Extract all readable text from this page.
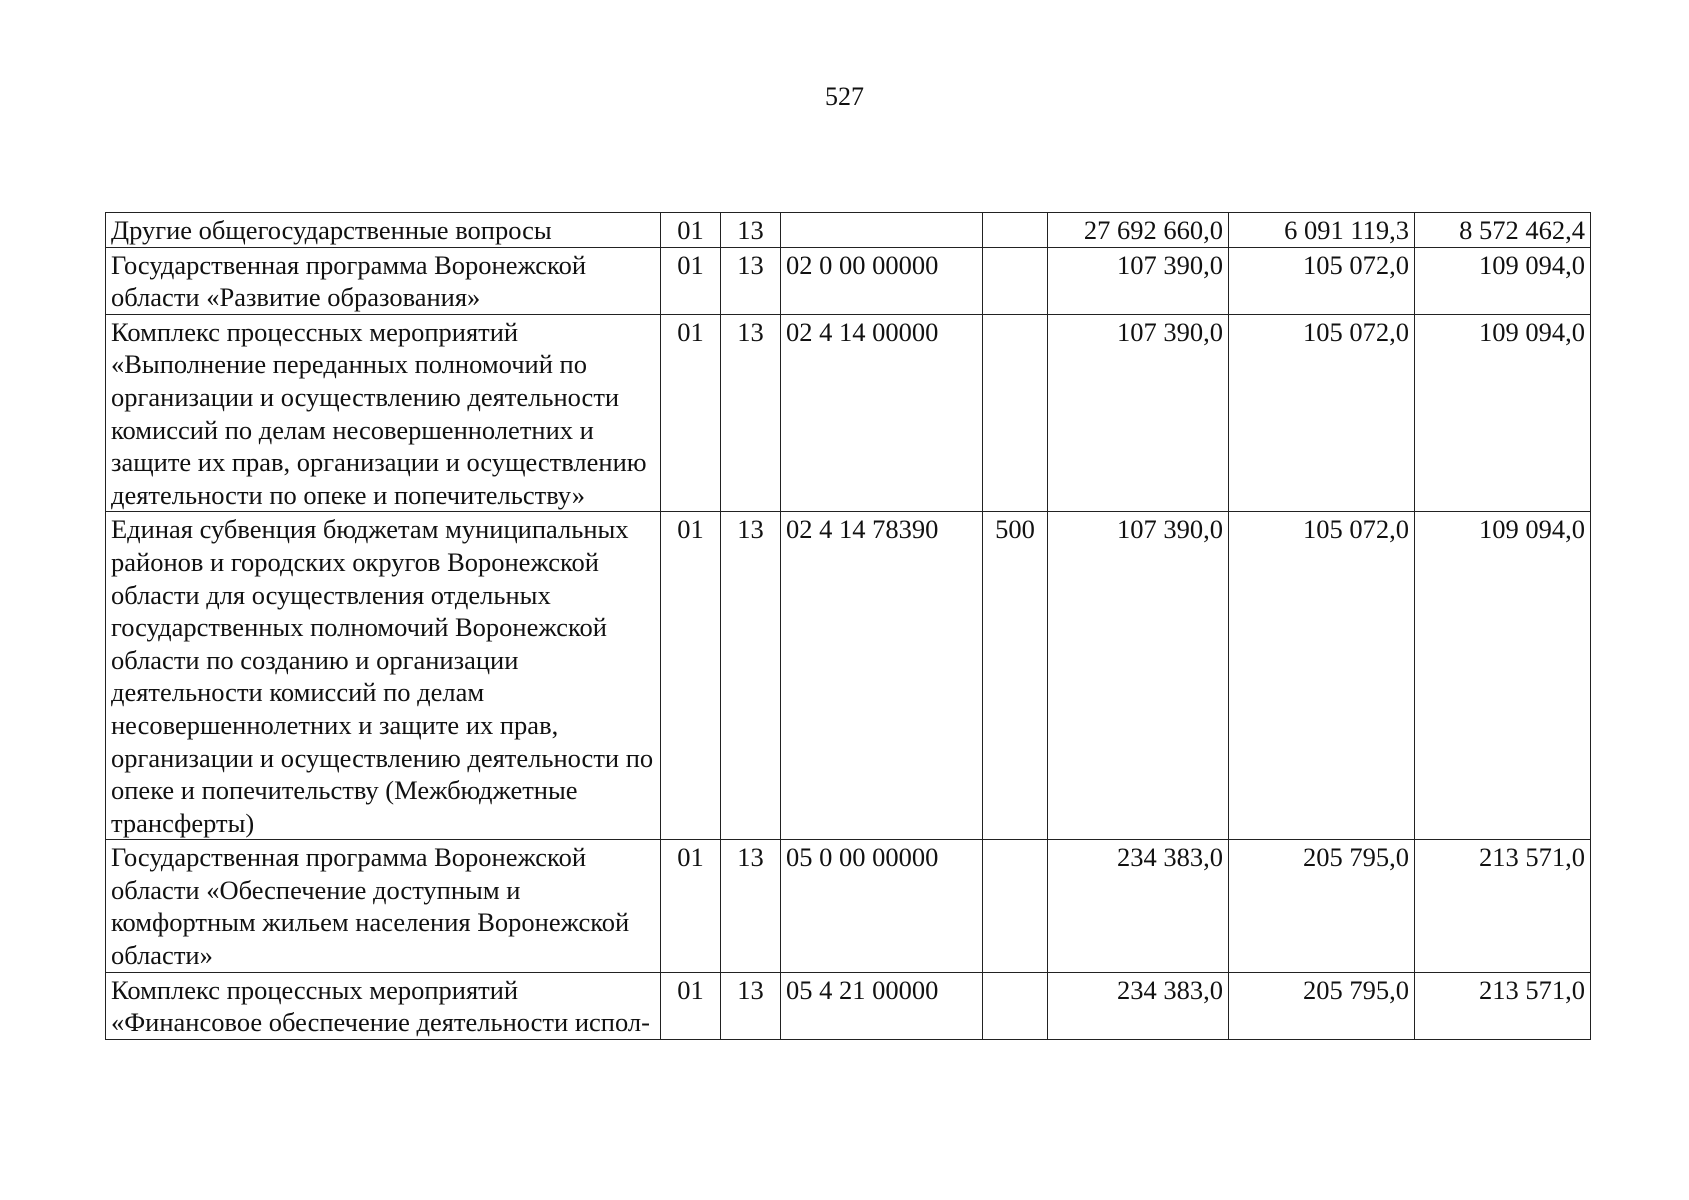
527
Другие общегосударственные вопросы	01	13			27 692 660,0	6 091 119,3	8 572 462,4
Государственная программа Воронежской области «Развитие образования»	01	13	02 0 00 00000		107 390,0	105 072,0	109 094,0
Комплекс процессных мероприятий «Выполнение переданных полномочий по организации и осуществлению деятельности комиссий по делам несовершеннолетних и защите их прав, организации и осуществлению деятельности по опеке и попечительству»	01	13	02 4 14 00000		107 390,0	105 072,0	109 094,0
Единая субвенция бюджетам муниципальных районов и городских округов Воронежской области для осуществления отдельных государственных полномочий Воронежской области по созданию и организации деятельности комиссий по делам несовершеннолетних и защите их прав, организации и осуществлению деятельности по опеке и попечительству (Межбюджетные трансферты)	01	13	02 4 14 78390	500	107 390,0	105 072,0	109 094,0
Государственная программа Воронежской области «Обеспечение доступным и комфортным жильем населения Воронежской области»	01	13	05 0 00 00000		234 383,0	205 795,0	213 571,0
Комплекс процессных мероприятий «Финансовое обеспечение деятельности испол-	01	13	05 4 21 00000		234 383,0	205 795,0	213 571,0
